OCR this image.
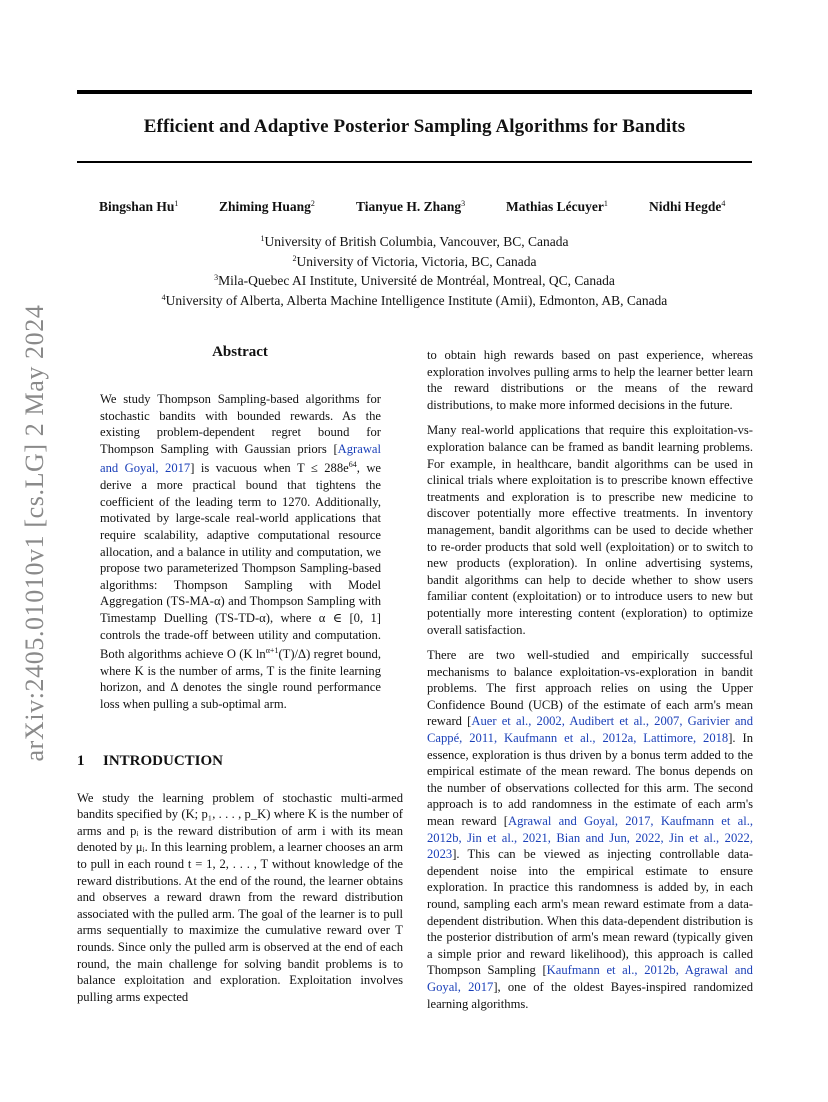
Efficient and Adaptive Posterior Sampling Algorithms for Bandits
Bingshan Hu$^1$	Zhiming Huang$^2$	Tianyue H. Zhang$^3$	Mathias Lécuyer$^1$	Nidhi Hegde$^4$
$^1$University of British Columbia, Vancouver, BC, Canada
$^2$University of Victoria, Victoria, BC, Canada
$^3$Mila-Quebec AI Institute, Université de Montréal, Montreal, QC, Canada
$^4$University of Alberta, Alberta Machine Intelligence Institute (Amii), Edmonton, AB, Canada
arXiv:2405.01010v1 [cs.LG] 2 May 2024	Abstract
We study Thompson Sampling-based algorithms for stochastic bandits with bounded rewards. As the existing problem-dependent regret bound for Thompson Sampling with Gaussian priors [Agrawal and Goyal, 2017] is vacuous when $T \le 288e^{64}$, we derive a more practical bound that tightens the coefficient of the leading term to 1270. Additionally, motivated by large-scale real-world applications that require scalability, adaptive computational resource allocation, and a balance in utility and computation, we propose two parameterized Thompson Sampling-based algorithms: Thompson Sampling with Model Aggregation (TS-MA-α) and Thompson Sampling with Timestamp Duelling (TS-TD-α), where α ∈ [0, 1] controls the trade-off between utility and computation. Both algorithms achieve O (K $\ln^{\alpha+1}(T)/\Delta$) regret bound, where K is the number of arms, T is the finite learning horizon, and Δ denotes the single round performance loss when pulling a sub-optimal arm.
1 INTRODUCTION

We study the learning problem of stochastic multi-armed bandits specified by (K; p₁, . . . , p_K) where K is the number of arms and pᵢ is the reward distribution of arm i with its mean denoted by μᵢ. In this learning problem, a learner chooses an arm to pull in each round t = 1, 2, . . . , T without knowledge of the reward distributions. At the end of the round, the learner obtains and observes a reward drawn from the reward distribution associated with the pulled arm. The goal of the learner is to pull arms sequentially to maximize the cumulative reward over T rounds. Since only the pulled arm is observed at the end of each round, the main challenge for solving bandit problems is to balance exploitation and exploration. Exploitation involves pulling arms expected

to obtain high rewards based on past experience, whereas exploration involves pulling arms to help the learner better learn the reward distributions or the means of the reward distributions, to make more informed decisions in the future.

Many real-world applications that require this exploitation-vs-exploration balance can be framed as bandit learning problems. For example, in healthcare, bandit algorithms can be used in clinical trials where exploitation is to prescribe known effective treatments and exploration is to prescribe new medicine to discover potentially more effective treatments. In inventory management, bandit algorithms can be used to decide whether to re-order products that sold well (exploitation) or to switch to new products (exploration). In online advertising systems, bandit algorithms can help to decide whether to show users familiar content (exploitation) or to introduce users to new but potentially more interesting content (exploration) to optimize overall satisfaction.

There are two well-studied and empirically successful mechanisms to balance exploitation-vs-exploration in bandit problems. The first approach relies on using the Upper Confidence Bound (UCB) of the estimate of each arm's mean reward [Auer et al., 2002, Audibert et al., 2007, Garivier and Cappé, 2011, Kaufmann et al., 2012a, Lattimore, 2018]. In essence, exploration is thus driven by a bonus term added to the empirical estimate of the mean reward. The bonus depends on the number of observations collected for this arm. The second approach is to add randomness in the estimate of each arm's mean reward [Agrawal and Goyal, 2017, Kaufmann et al., 2012b, Jin et al., 2021, Bian and Jun, 2022, Jin et al., 2022, 2023]. This can be viewed as injecting controllable data-dependent noise into the empirical estimate to ensure exploration. In practice this randomness is added by, in each round, sampling each arm's mean reward estimate from a data-dependent distribution. When this data-dependent distribution is the posterior distribution of arm's mean reward (typically given a simple prior and reward likelihood), this approach is called Thompson Sampling [Kaufmann et al., 2012b, Agrawal and Goyal, 2017], one of the oldest Bayes-inspired randomized learning algorithms.
